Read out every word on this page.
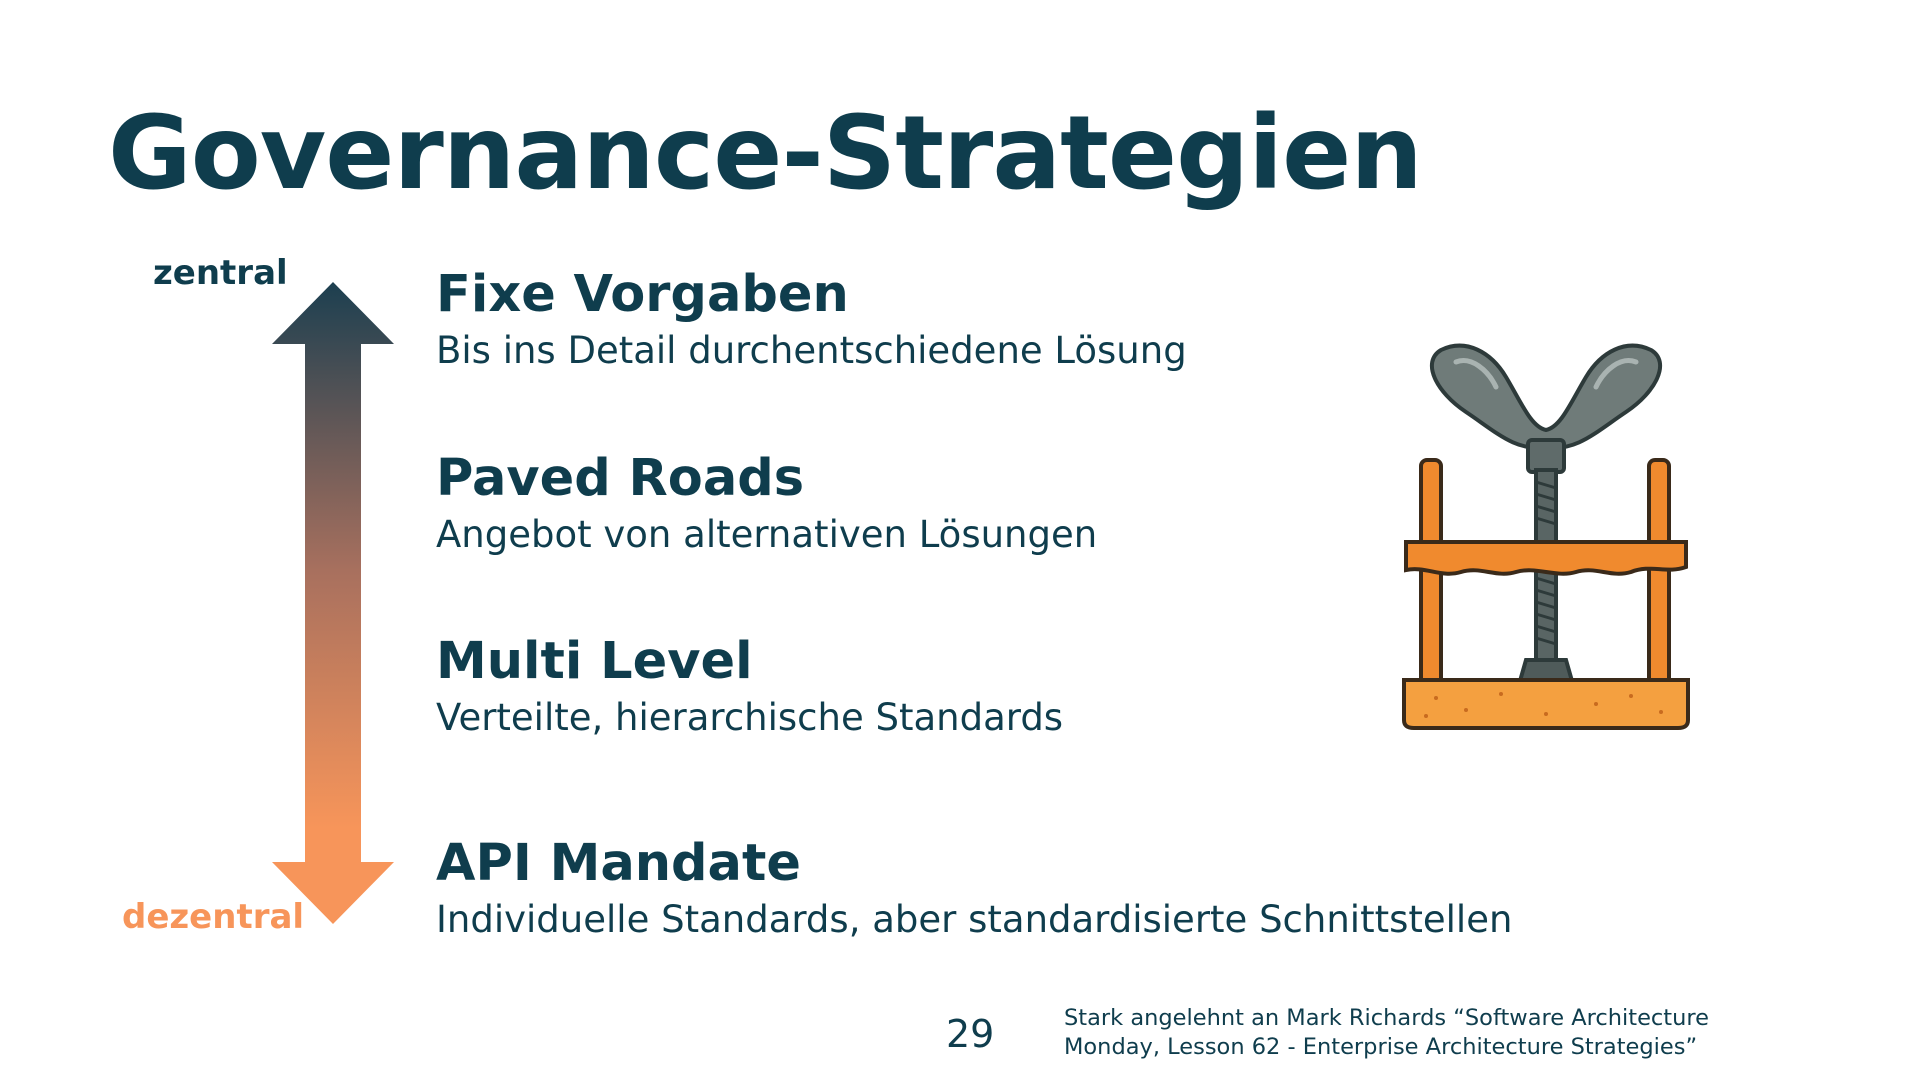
Governance-Strategien
zentral
dezentral
Fixe Vorgaben
Bis ins Detail durchentschiedene Lösung
Paved Roads
Angebot von alternativen Lösungen
Multi Level
Verteilte, hierarchische Standards
API Mandate
Individuelle Standards, aber standardisierte Schnittstellen
29	Stark angelehnt an Mark Richards “Software Architecture
Monday, Lesson 62 - Enterprise Architecture Strategies”
